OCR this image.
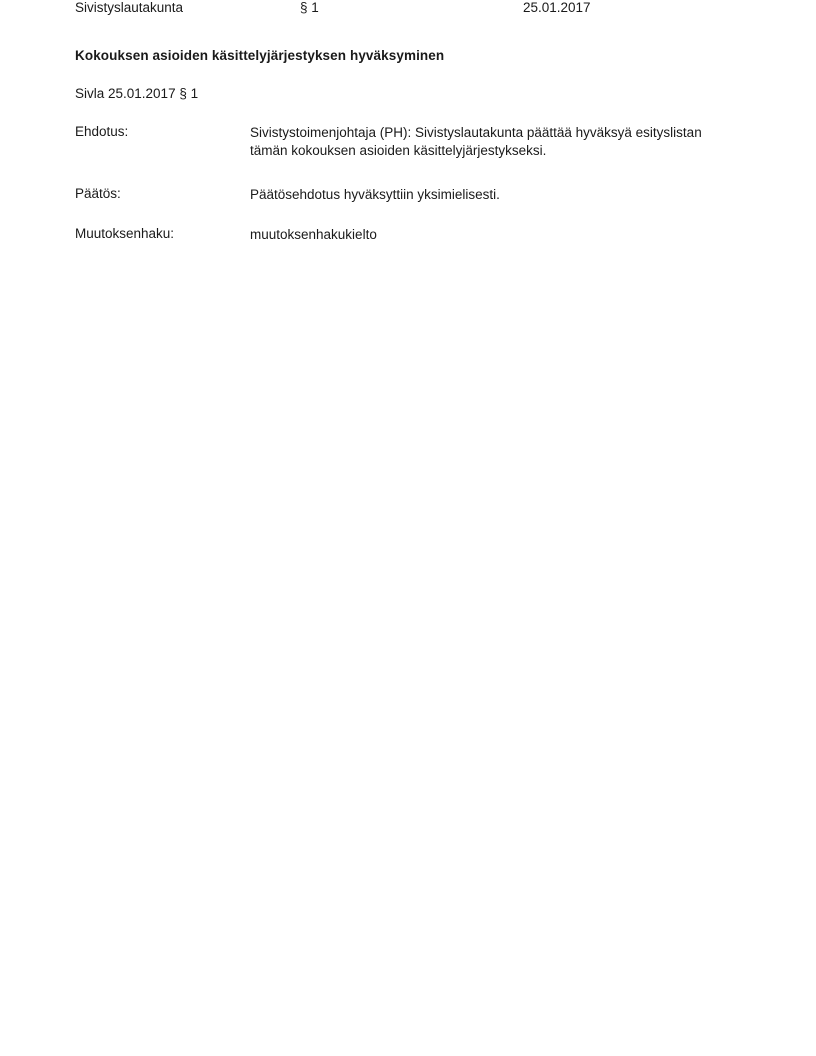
Sivistyslautakunta	§ 1	25.01.2017
Kokouksen asioiden käsittelyjärjestyksen hyväksyminen
Sivla 25.01.2017 § 1
Ehdotus:	Sivistystoimenjohtaja (PH): Sivistyslautakunta päättää hyväksyä esityslistan tämän kokouksen asioiden käsittelyjärjestykseksi.
Päätös:	Päätösehdotus hyväksyttiin yksimielisesti.
Muutoksenhaku:	muutoksenhakukielto
